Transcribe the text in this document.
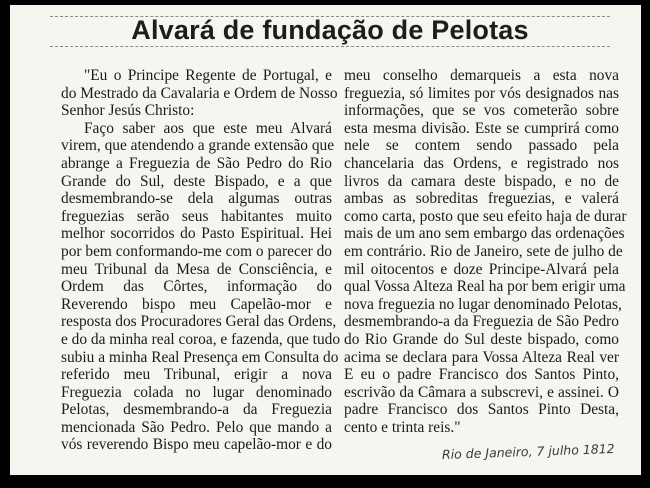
Alvará de fundação de Pelotas

"Eu o Principe Regente de Portugal, e
do Mestrado da Cavalaria e Ordem de Nosso
Senhor Jesús Christo:

Faço saber aos que este meu Alvará
virem, que atendendo a grande extensão que
abrange a Freguezia de São Pedro do Rio
Grande do Sul, deste Bispado, e a que
desmembrando-se dela algumas outras
freguezias serão seus habitantes muito
melhor socorridos do Pasto Espiritual. Hei
por bem conformando-me com o parecer do
meu Tribunal da Mesa de Consciência, e
Ordem das Côrtes, informação do
Reverendo bispo meu Capelão-mor e
resposta dos Procuradores Geral das Ordens,
e do da minha real coroa, e fazenda, que tudo
subiu a minha Real Presença em Consulta do
referido meu Tribunal, erigir a nova
Freguezia colada no lugar denominado
Pelotas, desmembrando-a da Freguezia
mencionada São Pedro. Pelo que mando a
vós reverendo Bispo meu capelão-mor e do

meu conselho demarqueis a esta nova
freguezia, só limites por vós designados nas
informações, que se vos cometerão sobre
esta mesma divisão. Este se cumprirá como
nele se contem sendo passado pela
chancelaria das Ordens, e registrado nos
livros da camara deste bispado, e no de
ambas as sobreditas freguezias, e valerá
como carta, posto que seu efeito haja de durar
mais de um ano sem embargo das ordenações
em contrário. Rio de Janeiro, sete de julho de
mil oitocentos e doze Principe-Alvará pela
qual Vossa Alteza Real ha por bem erigir uma
nova freguezia no lugar denominado Pelotas,
desmembrando-a da Freguezia de São Pedro
do Rio Grande do Sul deste bispado, como
acima se declara para Vossa Alteza Real ver
E eu o padre Francisco dos Santos Pinto,
escrivão da Câmara a subscrevi, e assinei. O
padre Francisco dos Santos Pinto Desta,
cento e trinta reis."

Rio de Janeiro, 7 julho 1812
